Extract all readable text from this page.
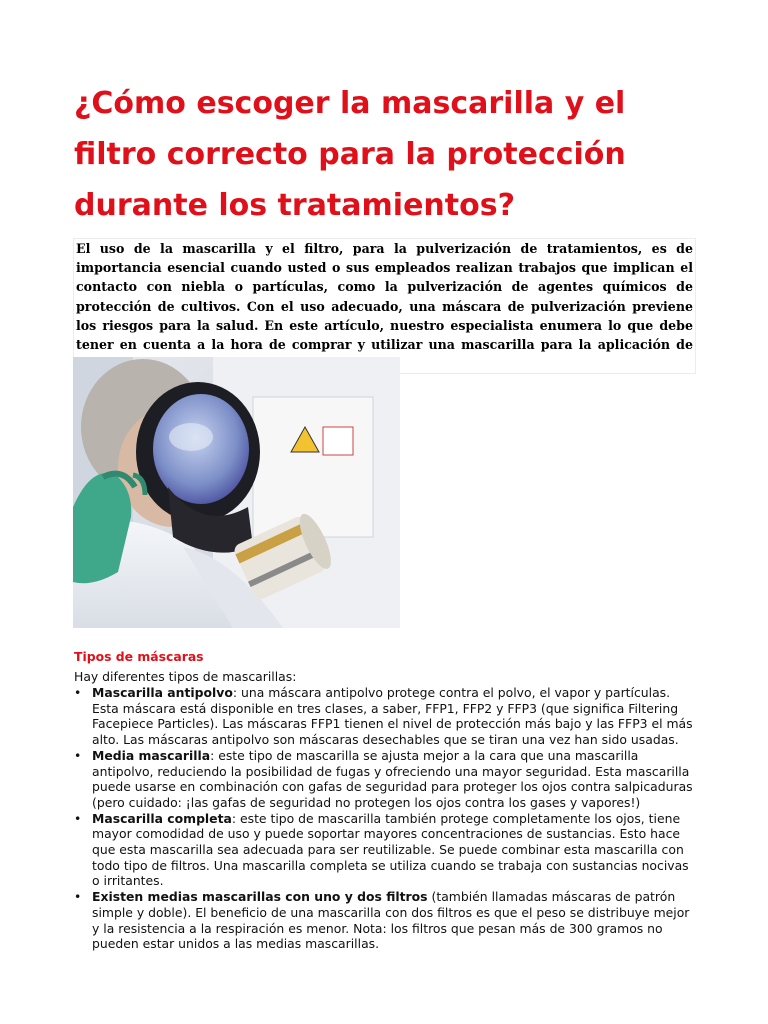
¿Cómo escoger la mascarilla y el filtro correcto para la protección durante los tratamientos?

El uso de la mascarilla y el filtro, para la pulverización de tratamientos, es de importancia esencial cuando usted o sus empleados realizan trabajos que implican el contacto con niebla o partículas, como la pulverización de agentes químicos de protección de cultivos. Con el uso adecuado, una máscara de pulverización previene los riesgos para la salud. En este artículo, nuestro especialista enumera lo que debe tener en cuenta a la hora de comprar y utilizar una mascarilla para la aplicación de

Tipos de máscaras

Hay diferentes tipos de mascarillas:

• Mascarilla antipolvo: una máscara antipolvo protege contra el polvo, el vapor y partículas. Esta máscara está disponible en tres clases, a saber, FFP1, FFP2 y FFP3 (que significa Filtering Facepiece Particles). Las máscaras FFP1 tienen el nivel de protección más bajo y las FFP3 el más alto. Las máscaras antipolvo son máscaras desechables que se tiran una vez han sido usadas.
• Media mascarilla: este tipo de mascarilla se ajusta mejor a la cara que una mascarilla antipolvo, reduciendo la posibilidad de fugas y ofreciendo una mayor seguridad. Esta mascarilla puede usarse en combinación con gafas de seguridad para proteger los ojos contra salpicaduras (pero cuidado: ¡las gafas de seguridad no protegen los ojos contra los gases y vapores!)
• Mascarilla completa: este tipo de mascarilla también protege completamente los ojos, tiene mayor comodidad de uso y puede soportar mayores concentraciones de sustancias. Esto hace que esta mascarilla sea adecuada para ser reutilizable. Se puede combinar esta mascarilla con todo tipo de filtros. Una mascarilla completa se utiliza cuando se trabaja con sustancias nocivas o irritantes.
• Existen medias mascarillas con uno y dos filtros (también llamadas máscaras de patrón simple y doble). El beneficio de una mascarilla con dos filtros es que el peso se distribuye mejor y la resistencia a la respiración es menor. Nota: los filtros que pesan más de 300 gramos no pueden estar unidos a las medias mascarillas.
